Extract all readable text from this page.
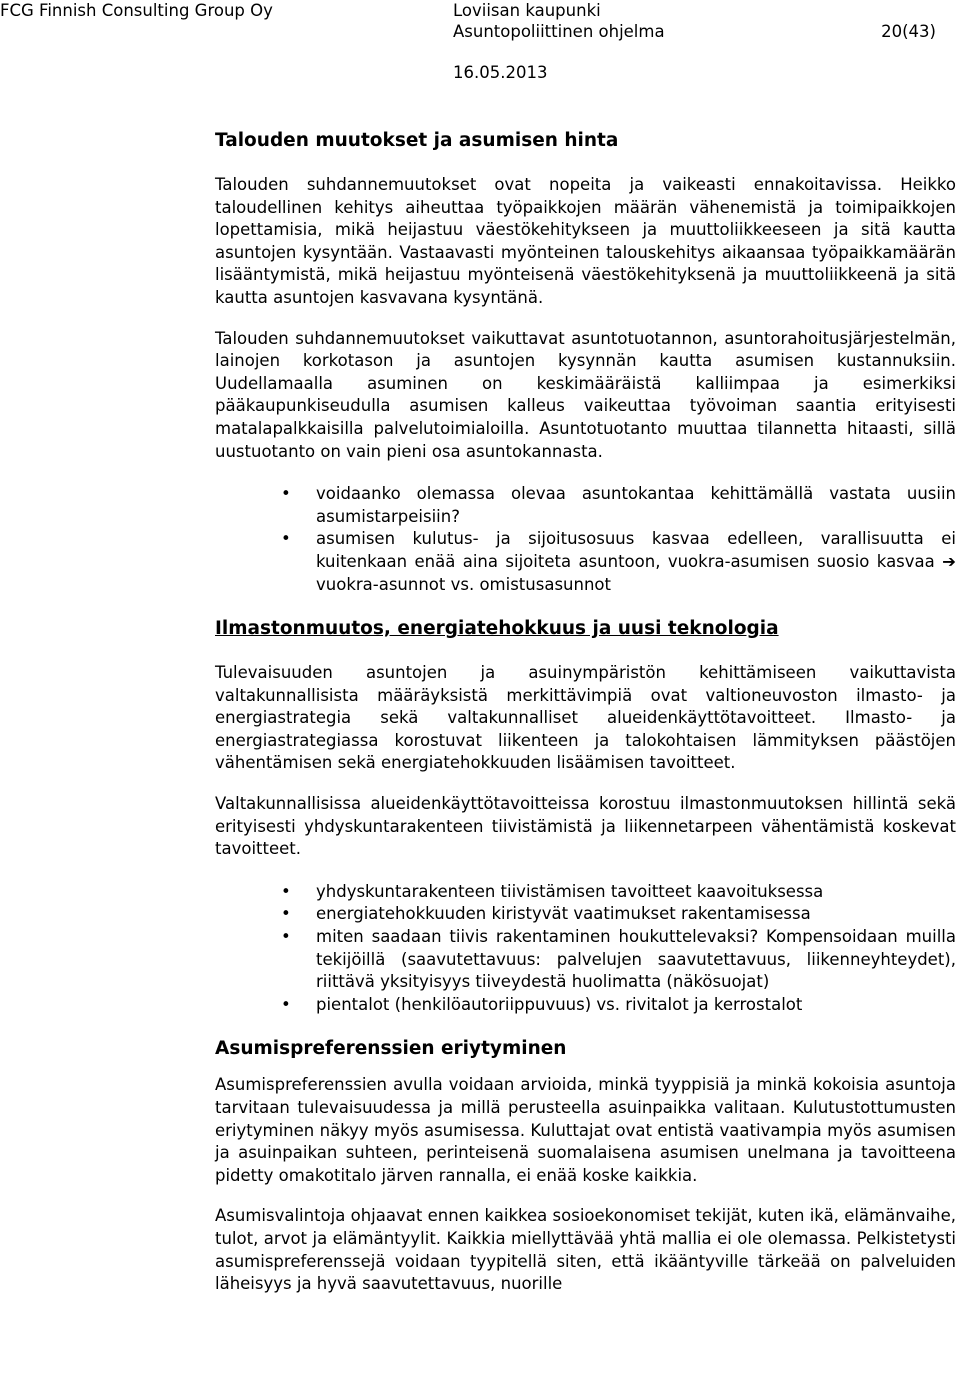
FCG Finnish Consulting Group Oy	Loviisan kaupunki
Asuntopoliittinen ohjelma	20(43)
16.05.2013
Talouden muutokset ja asumisen hinta

Talouden suhdannemuutokset ovat nopeita ja vaikeasti ennakoitavissa. Heikko taloudellinen kehitys aiheuttaa työpaikkojen määrän vähenemistä ja toimipaikkojen lopettamisia, mikä heijastuu väestökehitykseen ja muuttoliikkeeseen ja sitä kautta asuntojen kysyntään. Vastaavasti myönteinen talouskehitys aikaansaa työpaikkamäärän lisääntymistä, mikä heijastuu myönteisenä väestökehityksenä ja muuttoliikkeenä ja sitä kautta asuntojen kasvavana kysyntänä.

Talouden suhdannemuutokset vaikuttavat asuntotuotannon, asuntorahoitusjärjestelmän, lainojen korkotason ja asuntojen kysynnän kautta asumisen kustannuksiin. Uudellamaalla asuminen on keskimääräistä kalliimpaa ja esimerkiksi pääkaupunkiseudulla asumisen kalleus vaikeuttaa työvoiman saantia erityisesti matalapalkkaisilla palvelutoimialoilla. Asuntotuotanto muuttaa tilannetta hitaasti, sillä uustuotanto on vain pieni osa asuntokannasta.

• voidaanko olemassa olevaa asuntokantaa kehittämällä vastata uusiin asumistarpeisiin?
• asumisen kulutus- ja sijoitusosuus kasvaa edelleen, varallisuutta ei kuitenkaan enää aina sijoiteta asuntoon, vuokra-asumisen suosio kasvaa ➔ vuokra-asunnot vs. omistusasunnot
Ilmastonmuutos, energiatehokkuus ja uusi teknologia

Tulevaisuuden asuntojen ja asuinympäristön kehittämiseen vaikuttavista valtakunnallisista määräyksistä merkittävimpiä ovat valtioneuvoston ilmasto- ja energiastrategia sekä valtakunnalliset alueidenkäyttötavoitteet. Ilmasto- ja energiastrategiassa korostuvat liikenteen ja talokohtaisen lämmityksen päästöjen vähentämisen sekä energiatehokkuuden lisäämisen tavoitteet.

Valtakunnallisissa alueidenkäyttötavoitteissa korostuu ilmastonmuutoksen hillintä sekä erityisesti yhdyskuntarakenteen tiivistämistä ja liikennetarpeen vähentämistä koskevat tavoitteet.

• yhdyskuntarakenteen tiivistämisen tavoitteet kaavoituksessa
• energiatehokkuuden kiristyvät vaatimukset rakentamisessa
• miten saadaan tiivis rakentaminen houkuttelevaksi? Kompensoidaan muilla tekijöillä (saavutettavuus: palvelujen saavutettavuus, liikenneyhteydet), riittävä yksityisyys tiiveydestä huolimatta (näkösuojat)
• pientalot (henkilöautoriippuvuus) vs. rivitalot ja kerrostalot
Asumispreferenssien eriytyminen

Asumispreferenssien avulla voidaan arvioida, minkä tyyppisiä ja minkä kokoisia asuntoja tarvitaan tulevaisuudessa ja millä perusteella asuinpaikka valitaan. Kulutustottumusten eriytyminen näkyy myös asumisessa. Kuluttajat ovat entistä vaativampia myös asumisen ja asuinpaikan suhteen, perinteisenä suomalaisena asumisen unelmana ja tavoitteena pidetty omakotitalo järven rannalla, ei enää koske kaikkia.

Asumisvalintoja ohjaavat ennen kaikkea sosioekonomiset tekijät, kuten ikä, elämänvaihe, tulot, arvot ja elämäntyylit. Kaikkia miellyttävää yhtä mallia ei ole olemassa. Pelkistetysti asumispreferenssejä voidaan tyypitellä siten, että ikääntyville tärkeää on palveluiden läheisyys ja hyvä saavutettavuus, nuorille
